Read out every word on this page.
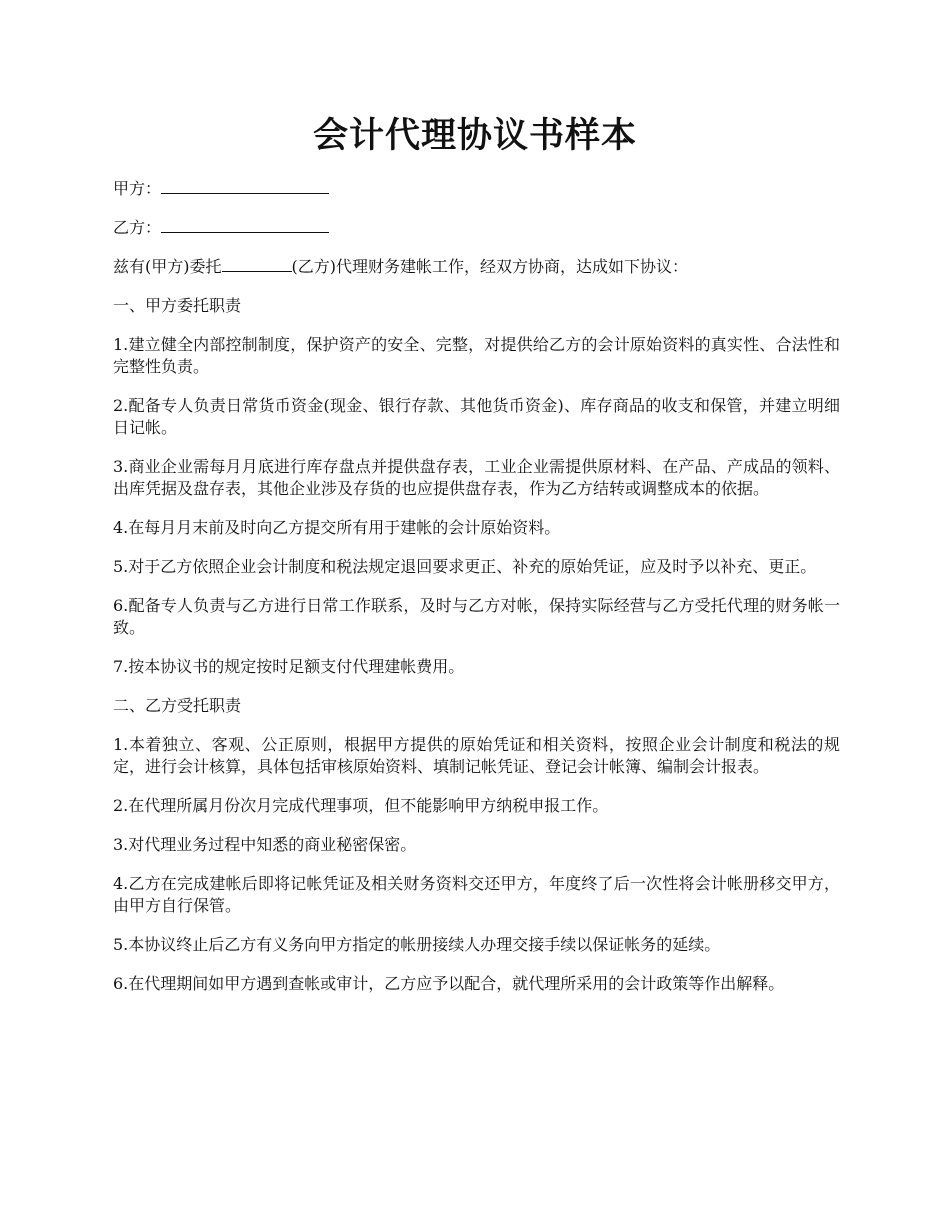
会计代理协议书样本

甲方：

乙方：

兹有(甲方)委托	(乙方)代理财务建帐工作，经双方协商，达成如下协议：

一、甲方委托职责

1.建立健全内部控制制度，保护资产的安全、完整，对提供给乙方的会计原始资料的真实性、合法性和完整性负责。

2.配备专人负责日常货币资金(现金、银行存款、其他货币资金)、库存商品的收支和保管，并建立明细日记帐。

3.商业企业需每月月底进行库存盘点并提供盘存表，工业企业需提供原材料、在产品、产成品的领料、出库凭据及盘存表，其他企业涉及存货的也应提供盘存表，作为乙方结转或调整成本的依据。

4.在每月月末前及时向乙方提交所有用于建帐的会计原始资料。

5.对于乙方依照企业会计制度和税法规定退回要求更正、补充的原始凭证，应及时予以补充、更正。

6.配备专人负责与乙方进行日常工作联系，及时与乙方对帐，保持实际经营与乙方受托代理的财务帐一致。

7.按本协议书的规定按时足额支付代理建帐费用。

二、乙方受托职责

1.本着独立、客观、公正原则，根据甲方提供的原始凭证和相关资料，按照企业会计制度和税法的规定，进行会计核算，具体包括审核原始资料、填制记帐凭证、登记会计帐簿、编制会计报表。

2.在代理所属月份次月完成代理事项，但不能影响甲方纳税申报工作。

3.对代理业务过程中知悉的商业秘密保密。

4.乙方在完成建帐后即将记帐凭证及相关财务资料交还甲方，年度终了后一次性将会计帐册移交甲方，由甲方自行保管。

5.本协议终止后乙方有义务向甲方指定的帐册接续人办理交接手续以保证帐务的延续。

6.在代理期间如甲方遇到查帐或审计，乙方应予以配合，就代理所采用的会计政策等作出解释。
